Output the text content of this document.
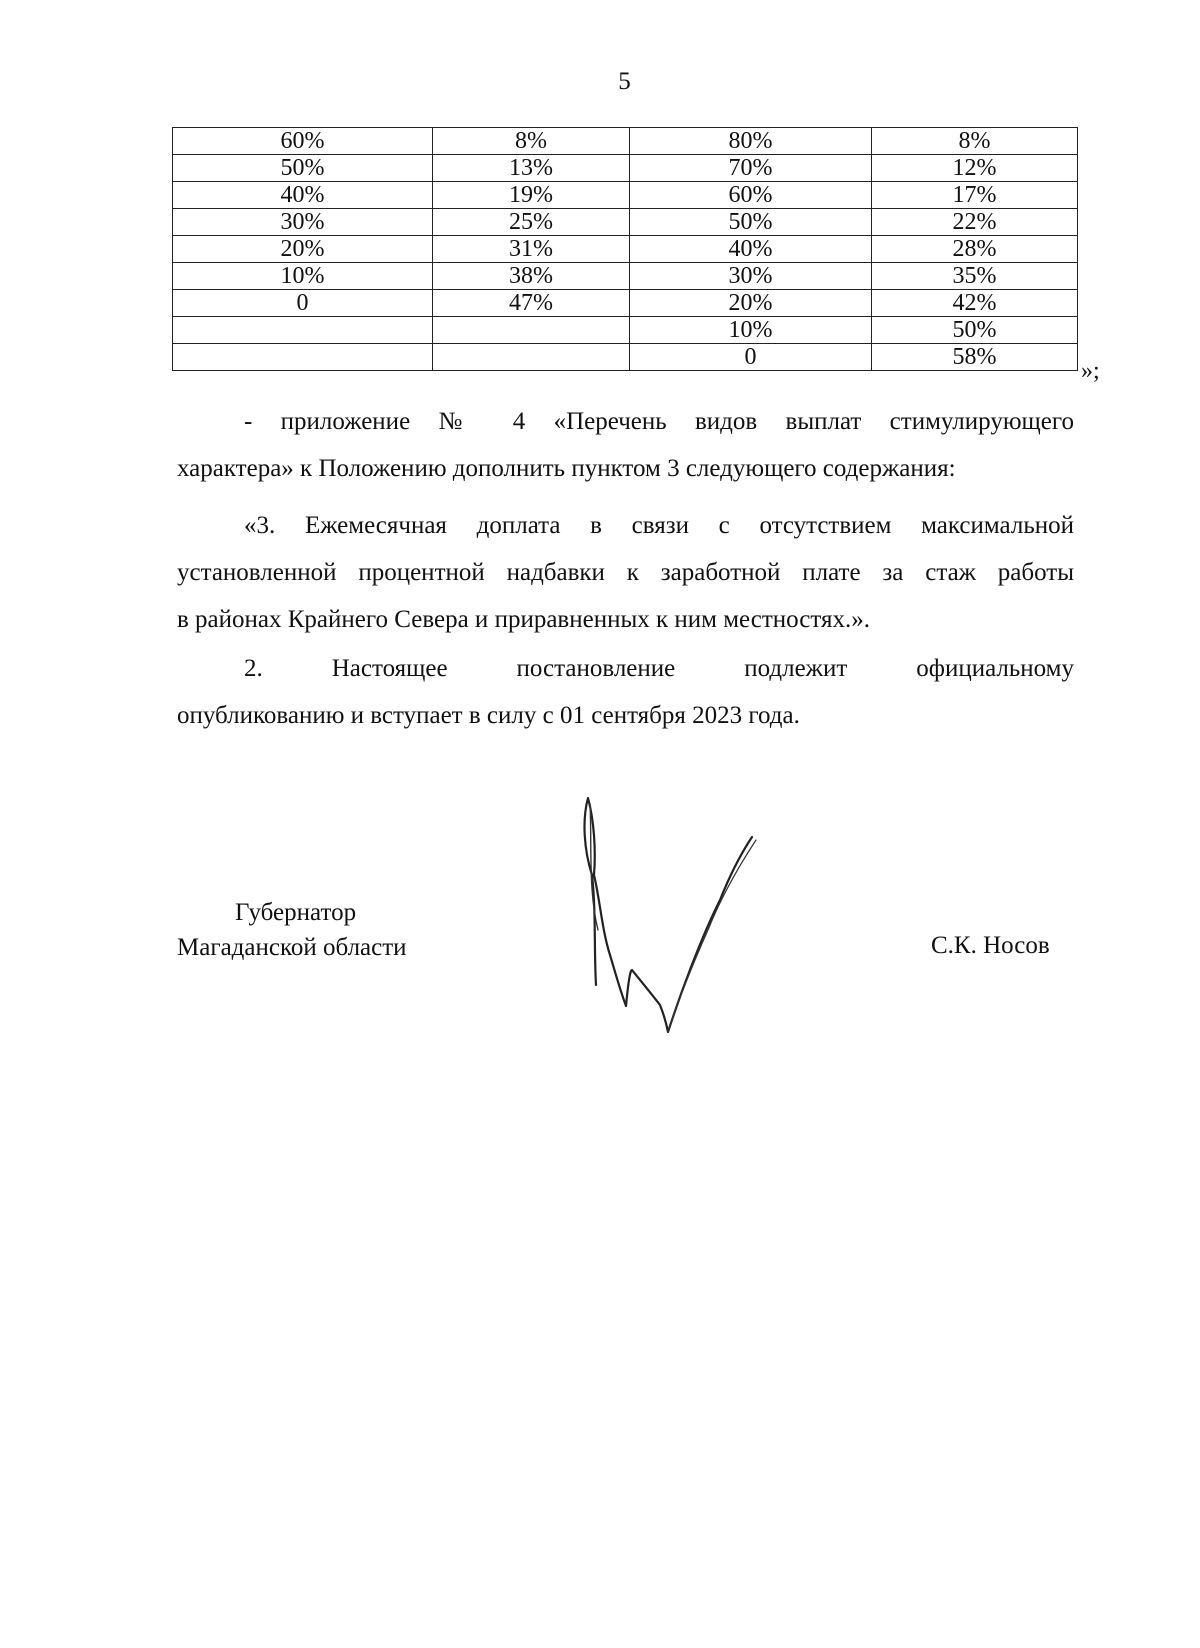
5
60%	8%	80%	8%
50%	13%	70%	12%
40%	19%	60%	17%
30%	25%	50%	22%
20%	31%	40%	28%
10%	38%	30%	35%
0	47%	20%	42%
		10%	50%
		0	58%
»;
- приложение № 4 «Перечень видов выплат стимулирующего
характера» к Положению дополнить пунктом 3 следующего содержания:
«3. Ежемесячная доплата в связи с отсутствием максимальной
установленной процентной надбавки к заработной плате за стаж работы
в районах Крайнего Севера и приравненных к ним местностях.».
2. Настоящее постановление подлежит официальному
опубликованию и вступает в силу с 01 сентября 2023 года.
Губернатор
Магаданской области	С.К. Носов
